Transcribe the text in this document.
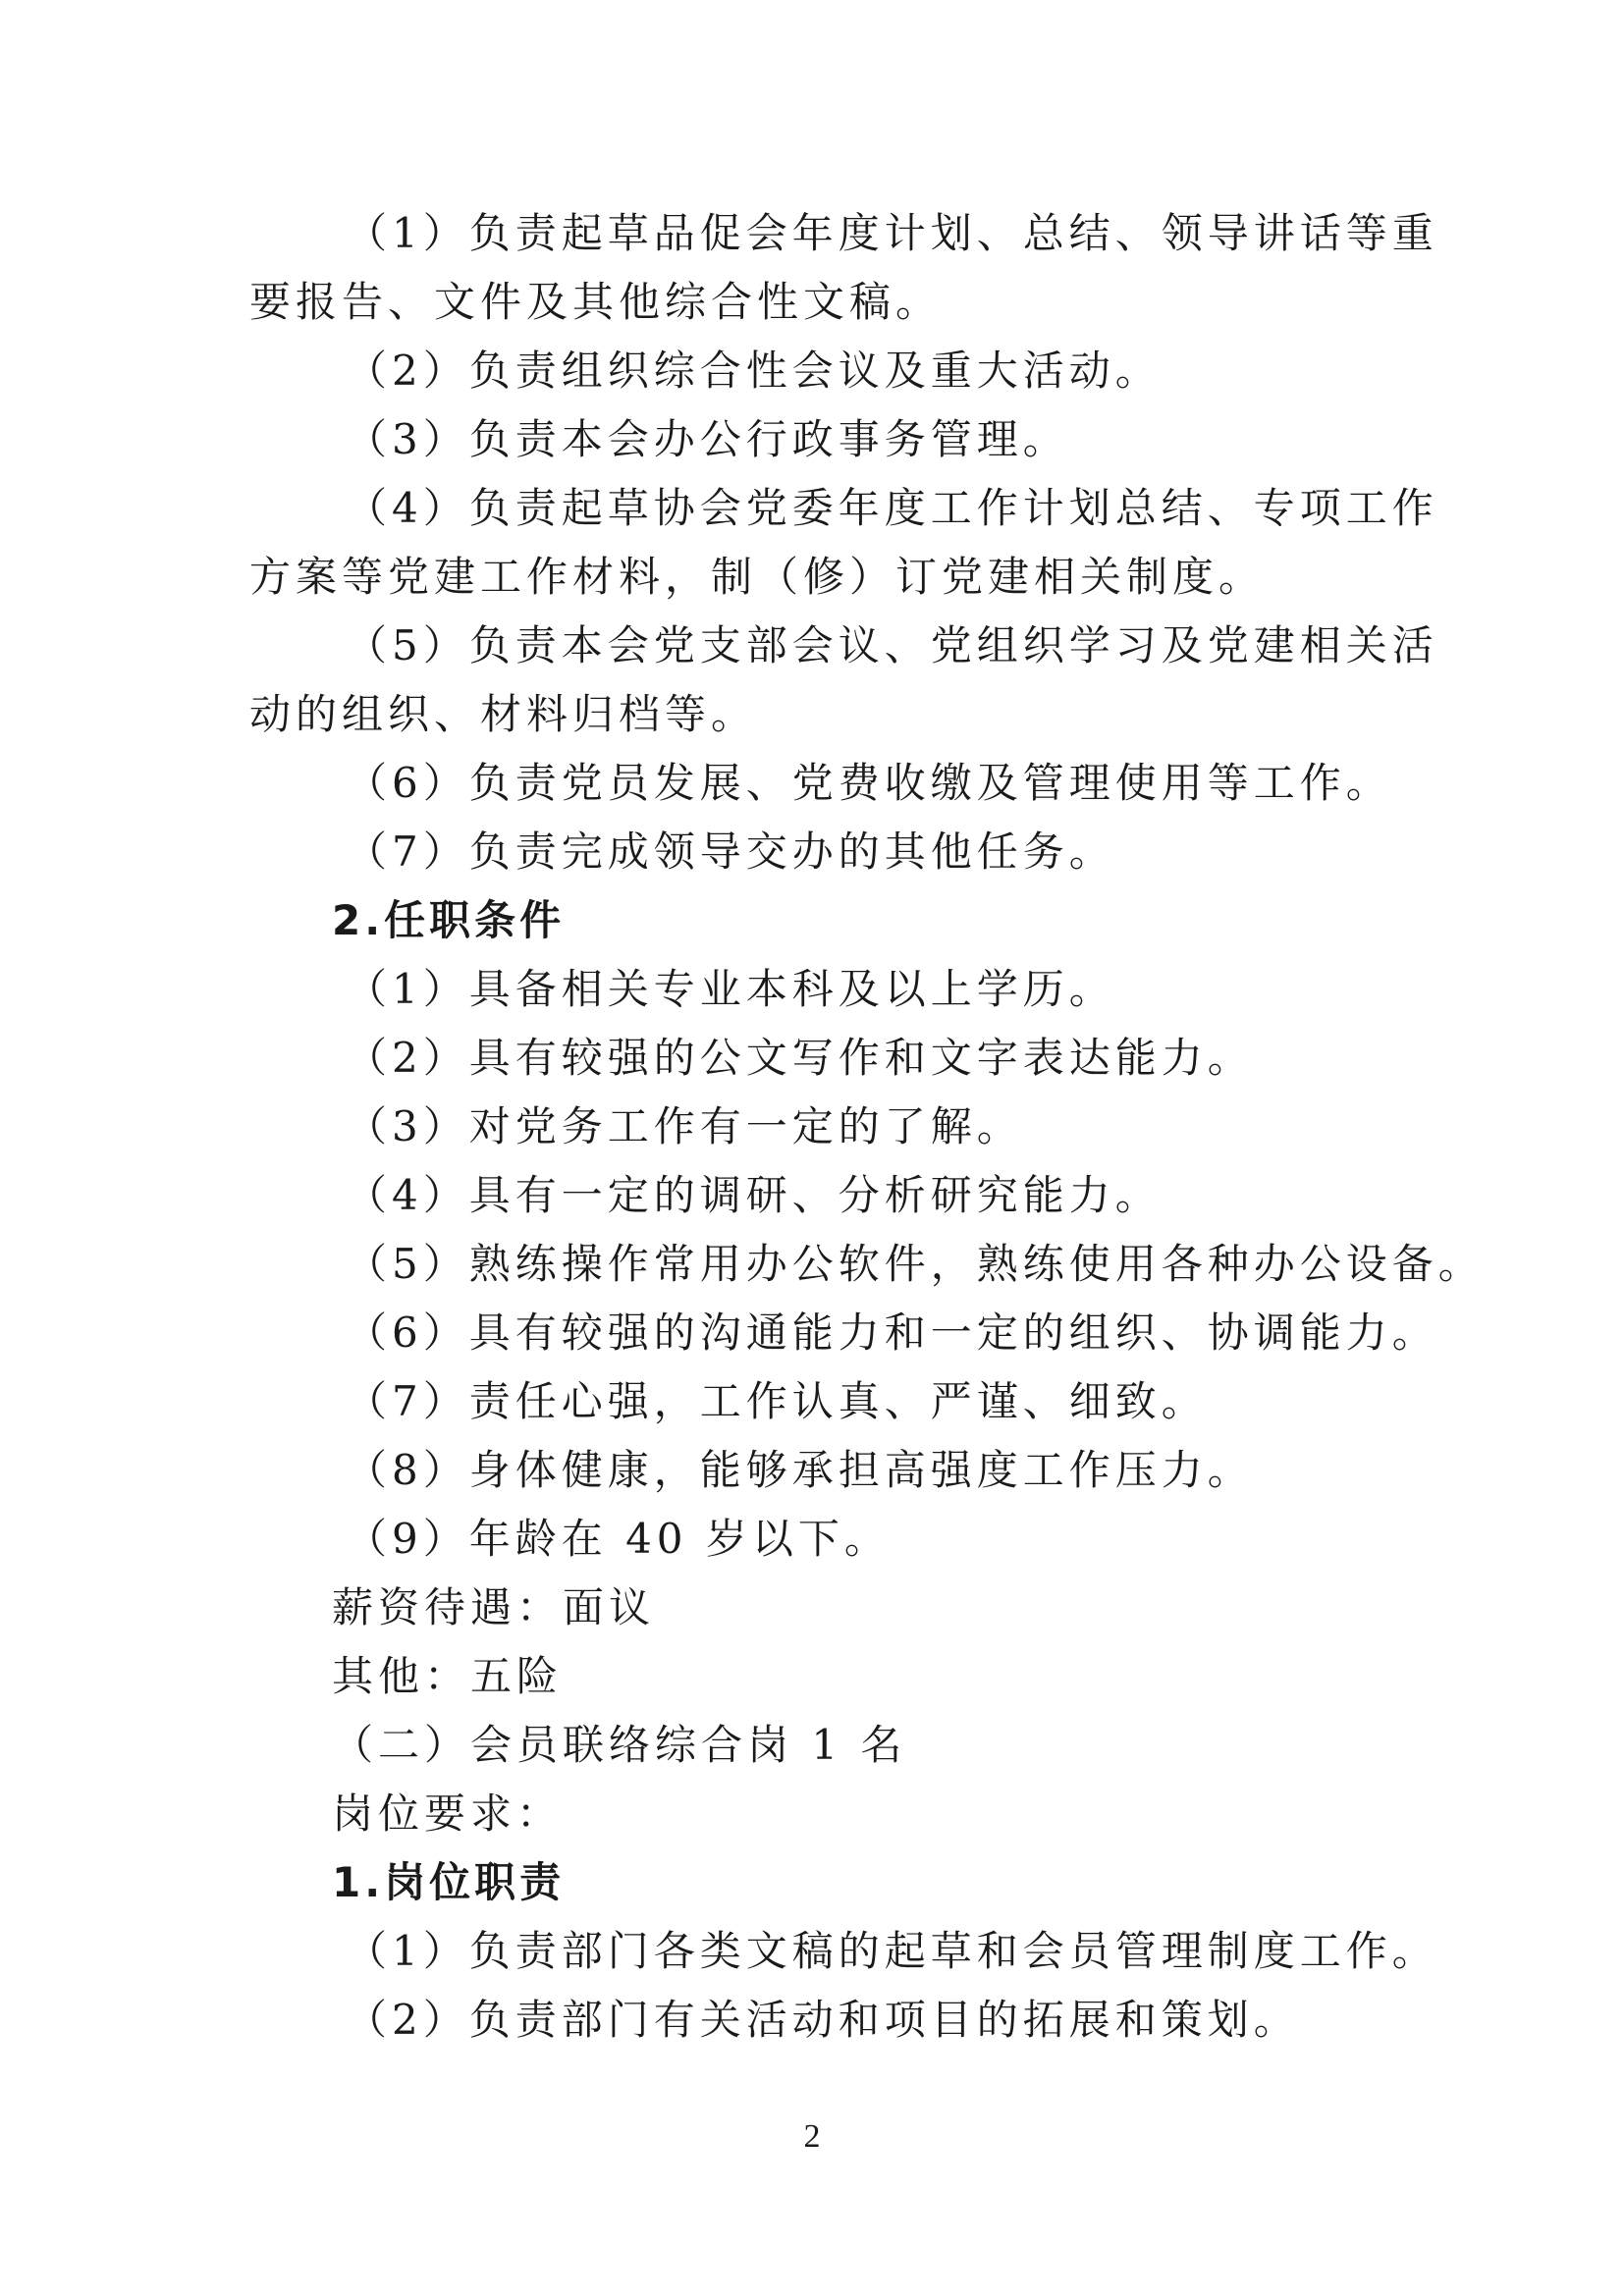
（1）负责起草品促会年度计划、总结、领导讲话等重
要报告、文件及其他综合性文稿。
（2）负责组织综合性会议及重大活动。
（3）负责本会办公行政事务管理。
（4）负责起草协会党委年度工作计划总结、专项工作
方案等党建工作材料，制（修）订党建相关制度。
（5）负责本会党支部会议、党组织学习及党建相关活
动的组织、材料归档等。
（6）负责党员发展、党费收缴及管理使用等工作。
（7）负责完成领导交办的其他任务。
2.任职条件
（1）具备相关专业本科及以上学历。
（2）具有较强的公文写作和文字表达能力。
（3）对党务工作有一定的了解。
（4）具有一定的调研、分析研究能力。
（5）熟练操作常用办公软件，熟练使用各种办公设备。
（6）具有较强的沟通能力和一定的组织、协调能力。
（7）责任心强，工作认真、严谨、细致。
（8）身体健康，能够承担高强度工作压力。
（9）年龄在 40 岁以下。
薪资待遇：面议
其他：五险
（二）会员联络综合岗 1 名
岗位要求：
1.岗位职责
（1）负责部门各类文稿的起草和会员管理制度工作。
（2）负责部门有关活动和项目的拓展和策划。
2
